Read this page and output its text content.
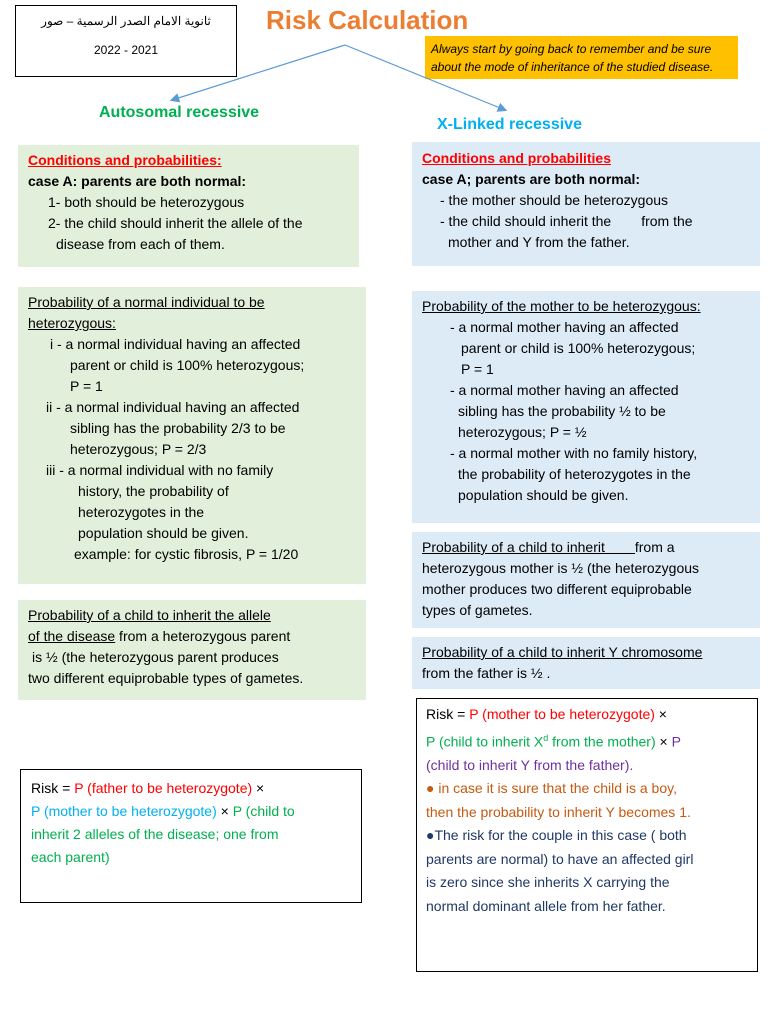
ثانوية الامام الصدر الرسمية – صور
2022 - 2021
Risk Calculation
Always start by going back to remember and be sure
about the mode of inheritance of the studied disease.
Autosomal recessive
X-Linked recessive
Conditions and probabilities:
case A: parents are both normal:
1- both should be heterozygous
2- the child should inherit the allele of the
disease from each of them.
Probability of a normal individual to be
heterozygous:
i - a normal individual having an affected
parent or child is 100% heterozygous;
P = 1
ii - a normal individual having an affected
sibling has the probability 2/3 to be
heterozygous; P = 2/3
iii - a normal individual with no family
history, the probability of
heterozygotes in the
population should be given.
example: for cystic fibrosis, P = 1/20
Probability of a child to inherit the allele
of the disease from a heterozygous parent
is ½ (the heterozygous parent produces
two different equiprobable types of gametes.
Risk = P (father to be heterozygote) ×
P (mother to be heterozygote) × P (child to
inherit 2 alleles of the disease; one from
each parent)
Conditions and probabilities
case A; parents are both normal:
- the mother should be heterozygous
- the child should inherit the from the
mother and Y from the father.
Probability of the mother to be heterozygous:
- a normal mother having an affected
parent or child is 100% heterozygous;
P = 1
- a normal mother having an affected
sibling has the probability ½ to be
heterozygous; P = ½
- a normal mother with no family history,
the probability of heterozygotes in the
population should be given.
Probability of a child to inherit from a
heterozygous mother is ½ (the heterozygous
mother produces two different equiprobable
types of gametes.
Probability of a child to inherit Y chromosome
from the father is ½ .
Risk = P (mother to be heterozygote) ×
P (child to inherit $X^d$ from the mother) × P
(child to inherit Y from the father).
● in case it is sure that the child is a boy,
then the probability to inherit Y becomes 1.
●The risk for the couple in this case ( both
parents are normal) to have an affected girl
is zero since she inherits X carrying the
normal dominant allele from her father.
